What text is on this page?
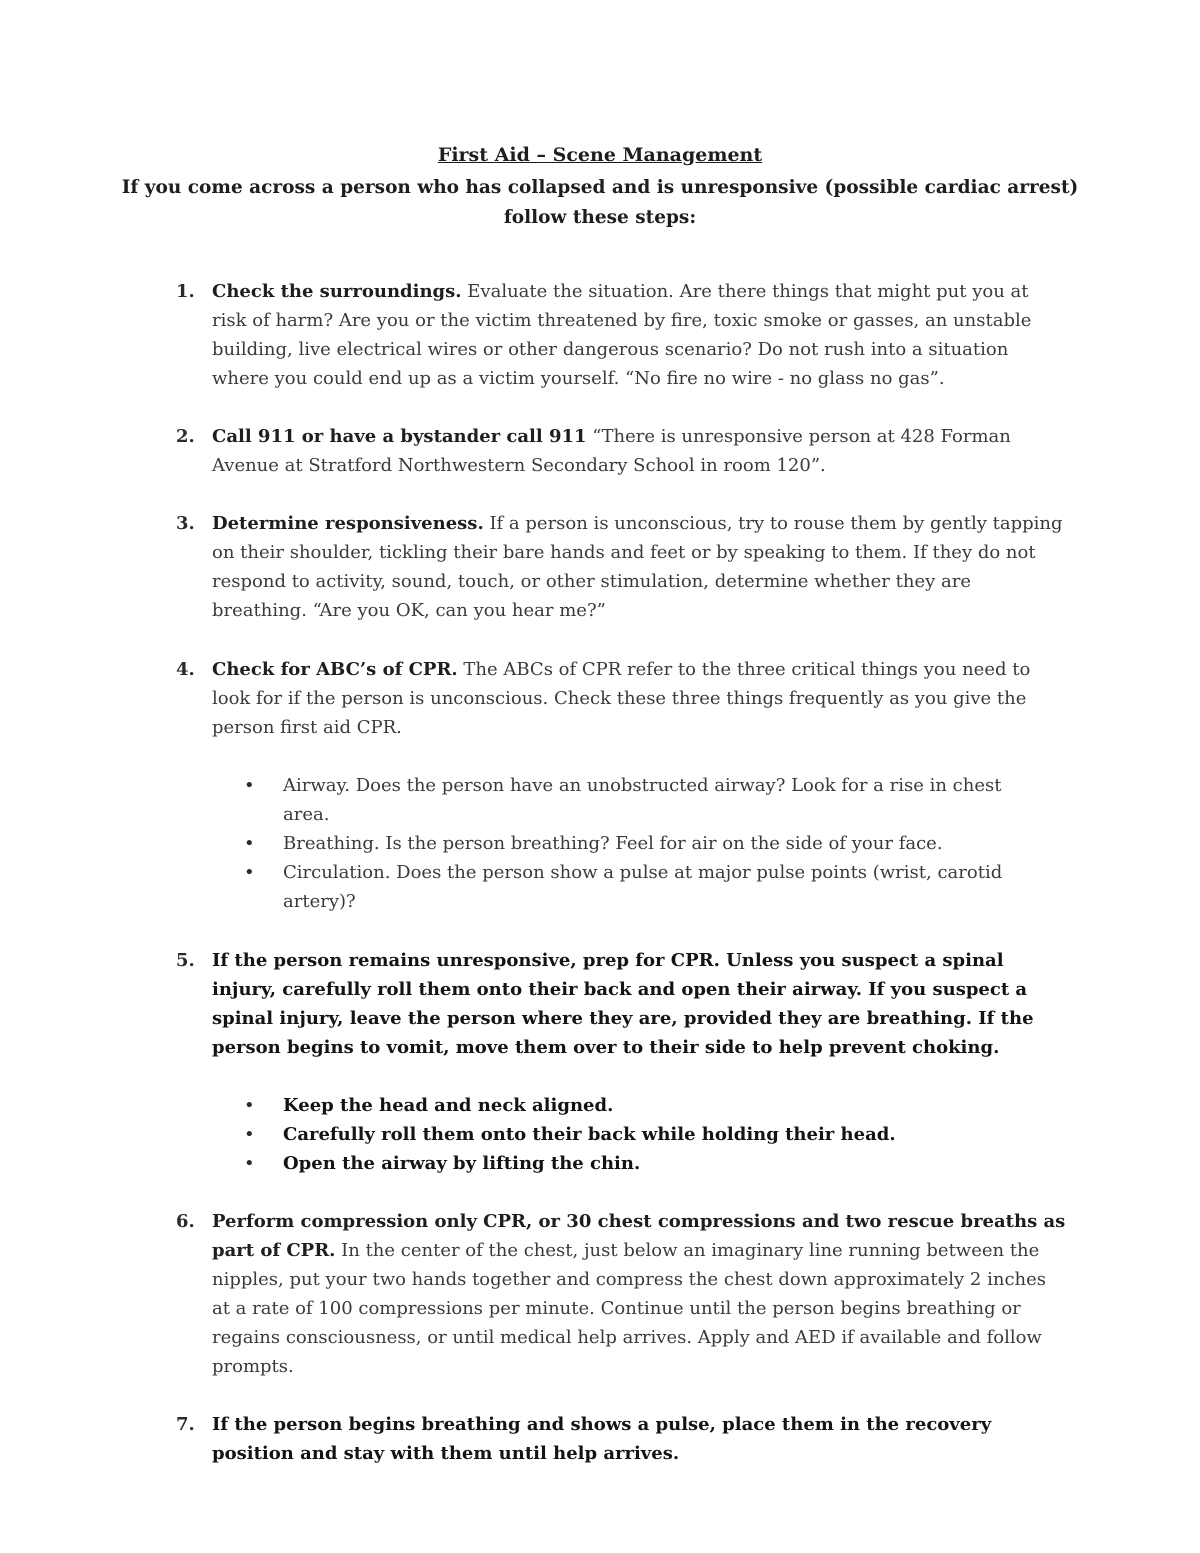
First Aid – Scene Management
If you come across a person who has collapsed and is unresponsive (possible cardiac arrest) follow these steps:
1. Check the surroundings. Evaluate the situation. Are there things that might put you at risk of harm? Are you or the victim threatened by fire, toxic smoke or gasses, an unstable building, live electrical wires or other dangerous scenario? Do not rush into a situation where you could end up as a victim yourself. “No fire no wire - no glass no gas”.
2. Call 911 or have a bystander call 911 “There is unresponsive person at 428 Forman Avenue at Stratford Northwestern Secondary School in room 120”.
3. Determine responsiveness. If a person is unconscious, try to rouse them by gently tapping on their shoulder, tickling their bare hands and feet or by speaking to them. If they do not respond to activity, sound, touch, or other stimulation, determine whether they are breathing. “Are you OK, can you hear me?”
4. Check for ABC’s of CPR. The ABCs of CPR refer to the three critical things you need to look for if the person is unconscious. Check these three things frequently as you give the person first aid CPR.
• Airway. Does the person have an unobstructed airway? Look for a rise in chest area.
• Breathing. Is the person breathing? Feel for air on the side of your face.
• Circulation. Does the person show a pulse at major pulse points (wrist, carotid artery)?
5. If the person remains unresponsive, prep for CPR. Unless you suspect a spinal injury, carefully roll them onto their back and open their airway. If you suspect a spinal injury, leave the person where they are, provided they are breathing. If the person begins to vomit, move them over to their side to help prevent choking.
• Keep the head and neck aligned.
• Carefully roll them onto their back while holding their head.
• Open the airway by lifting the chin.
6. Perform compression only CPR, or 30 chest compressions and two rescue breaths as part of CPR. In the center of the chest, just below an imaginary line running between the nipples, put your two hands together and compress the chest down approximately 2 inches at a rate of 100 compressions per minute. Continue until the person begins breathing or regains consciousness, or until medical help arrives. Apply and AED if available and follow prompts.
7. If the person begins breathing and shows a pulse, place them in the recovery position and stay with them until help arrives.
